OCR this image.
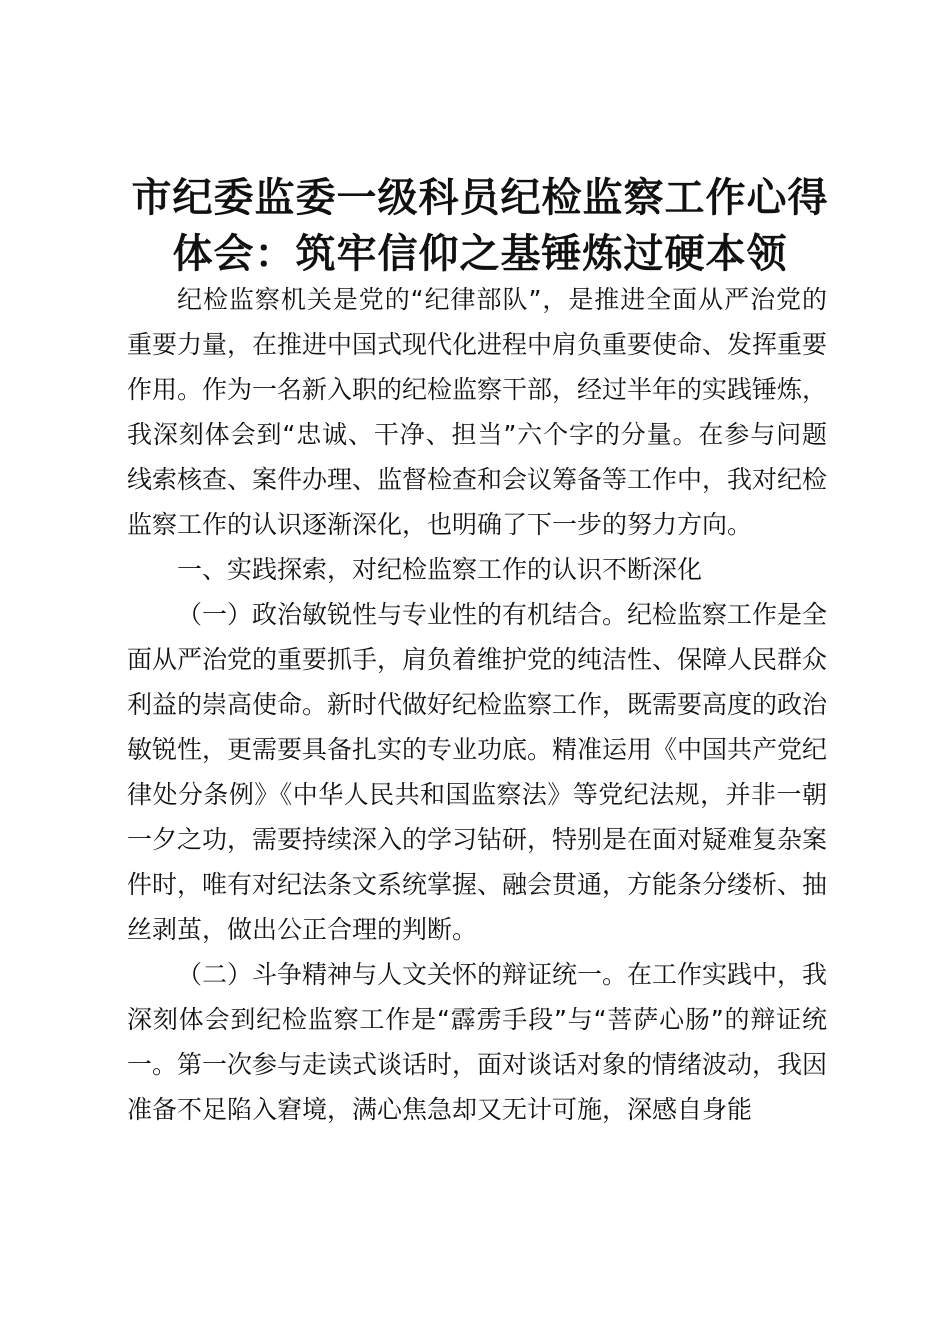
市纪委监委一级科员纪检监察工作心得
体会：筑牢信仰之基锤炼过硬本领

纪检监察机关是党的“纪律部队”，是推进全面从严治党的重要力量，在推进中国式现代化进程中肩负重要使命、发挥重要作用。作为一名新入职的纪检监察干部，经过半年的实践锤炼，我深刻体会到“忠诚、干净、担当”六个字的分量。在参与问题线索核查、案件办理、监督检查和会议筹备等工作中，我对纪检监察工作的认识逐渐深化，也明确了下一步的努力方向。

一、实践探索，对纪检监察工作的认识不断深化

（一）政治敏锐性与专业性的有机结合。纪检监察工作是全面从严治党的重要抓手，肩负着维护党的纯洁性、保障人民群众利益的崇高使命。新时代做好纪检监察工作，既需要高度的政治敏锐性，更需要具备扎实的专业功底。精准运用《中国共产党纪律处分条例》《中华人民共和国监察法》等党纪法规，并非一朝一夕之功，需要持续深入的学习钻研，特别是在面对疑难复杂案件时，唯有对纪法条文系统掌握、融会贯通，方能条分缕析、抽丝剥茧，做出公正合理的判断。

（二）斗争精神与人文关怀的辩证统一。在工作实践中，我深刻体会到纪检监察工作是“霹雳手段”与“菩萨心肠”的辩证统一。第一次参与走读式谈话时，面对谈话对象的情绪波动，我因准备不足陷入窘境，满心焦急却又无计可施，深感自身能
